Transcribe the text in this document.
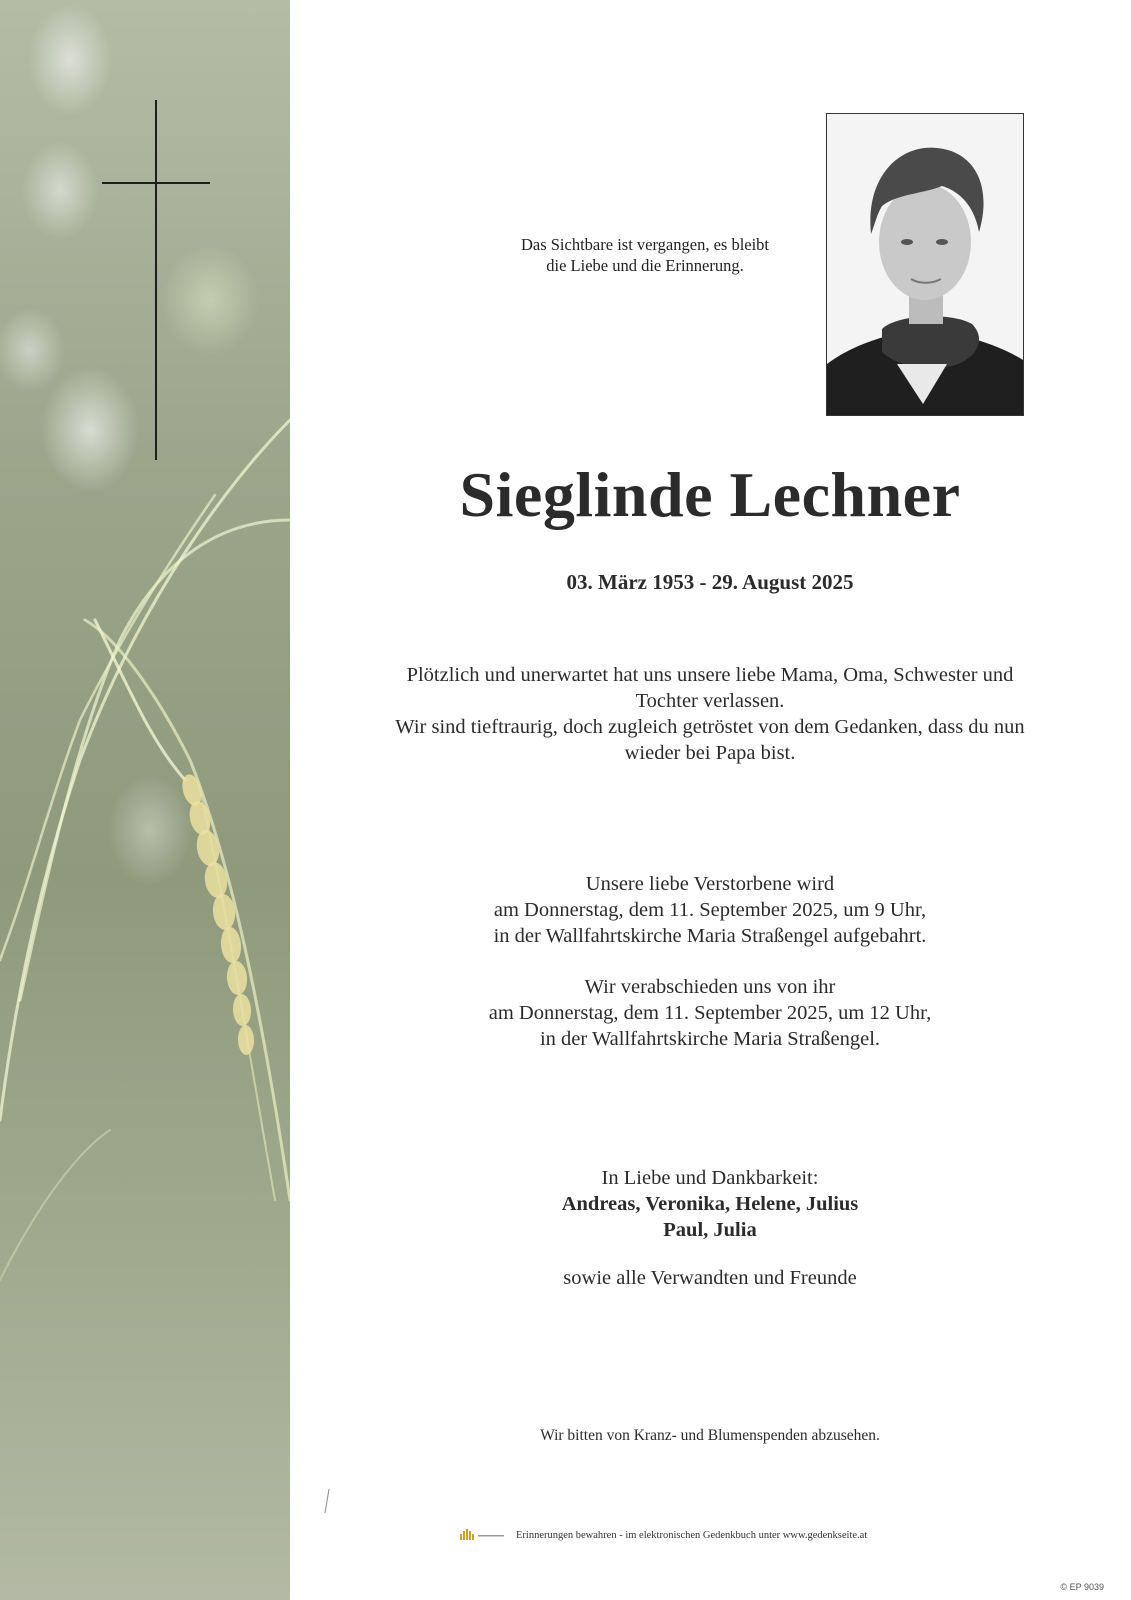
Das Sichtbare ist vergangen, es bleibt
die Liebe und die Erinnerung.
Sieglinde Lechner
03. März 1953 - 29. August 2025

Plötzlich und unerwartet hat uns unsere liebe Mama, Oma, Schwester und

Tochter verlassen.

Wir sind tieftraurig, doch zugleich getröstet von dem Gedanken, dass du nun

wieder bei Papa bist.

Unsere liebe Verstorbene wird

am Donnerstag, dem 11. September 2025, um 9 Uhr,

in der Wallfahrtskirche Maria Straßengel aufgebahrt.

Wir verabschieden uns von ihr

am Donnerstag, dem 11. September 2025, um 12 Uhr,

in der Wallfahrtskirche Maria Straßengel.

In Liebe und Dankbarkeit:

Andreas, Veronika, Helene, Julius

Paul, Julia

sowie alle Verwandten und Freunde

Wir bitten von Kranz- und Blumenspenden abzusehen.
Erinnerungen bewahren - im elektronischen Gedenkbuch unter www.gedenkseite.at
© EP 9039
